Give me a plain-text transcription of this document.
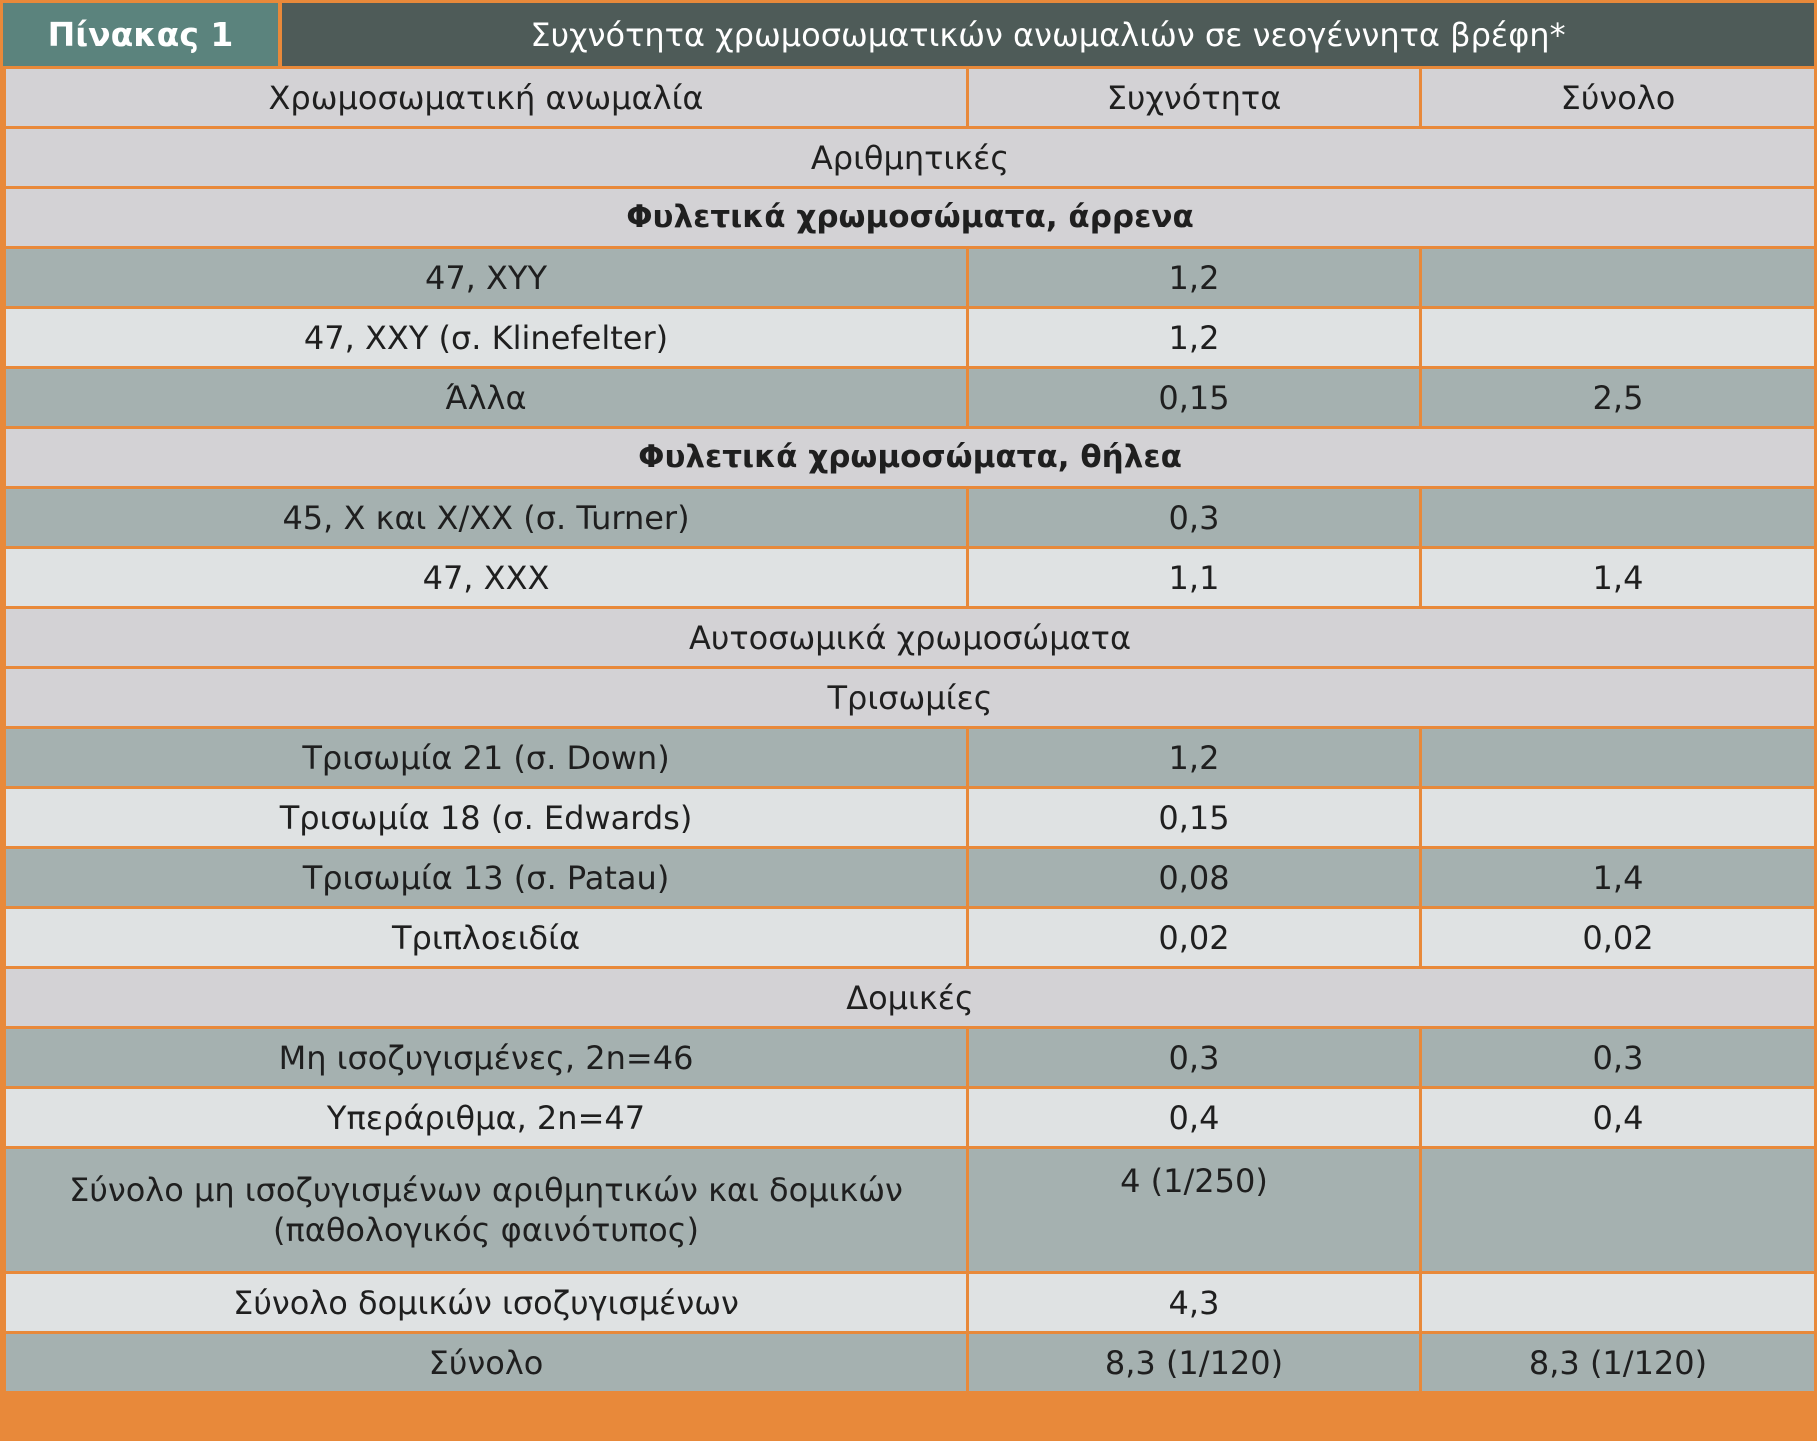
Πίνακας 1	Συχνότητα χρωμοσωματικών ανωμαλιών σε νεογέννητα βρέφη*
Χρωμοσωματική ανωμαλία	Συχνότητα	Σύνολο
Αριθμητικές		
Φυλετικά χρωμοσώματα, άρρενα		
47, XYY	1,2	
47, XXY (σ. Klinefelter)	1,2	
Άλλα	0,15	2,5
Φυλετικά χρωμοσώματα, θήλεα		
45, X και X/XX (σ. Turner)	0,3	
47, XXX	1,1	1,4
Αυτοσωμικά χρωμοσώματα		
Τρισωμίες		
Τρισωμία 21 (σ. Down)	1,2	
Τρισωμία 18 (σ. Edwards)	0,15	
Τρισωμία 13 (σ. Patau)	0,08	1,4
Τριπλοειδία	0,02	0,02
Δομικές		
Μη ισοζυγισμένες, 2n=46	0,3	0,3
Υπεράριθμα, 2n=47	0,4	0,4

Σύνολο μη ισοζυγισμένων αριθμητικών και δομικών
(παθολογικός φαινότυπος)	4 (1/250)	
Σύνολο δομικών ισοζυγισμένων	4,3	
Σύνολο	8,3 (1/120)	8,3 (1/120)
